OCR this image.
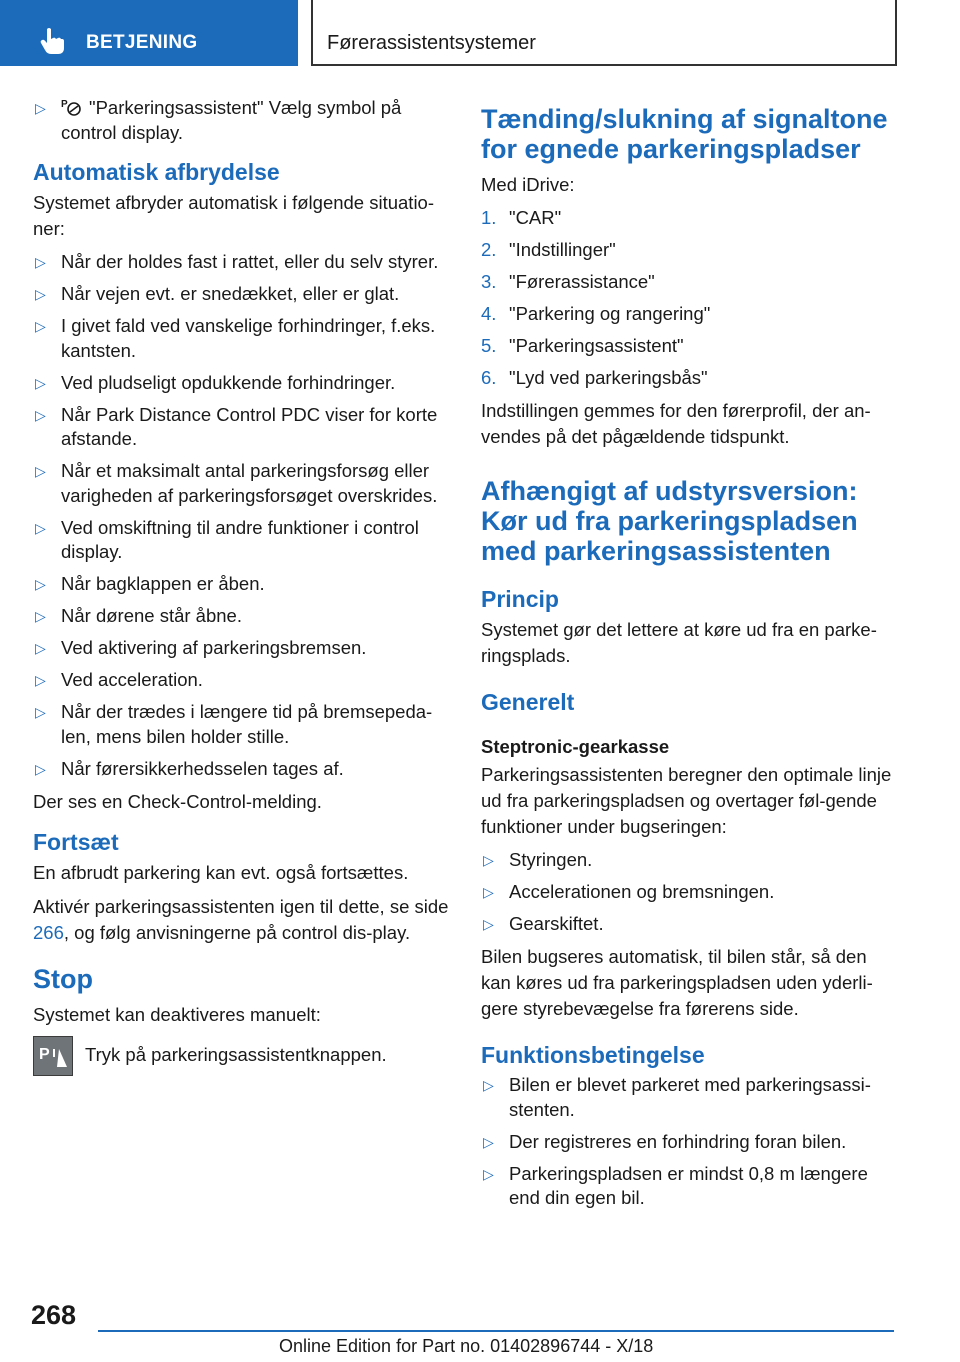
BETJENING	Førerassistentsystemer
▷ P "Parkeringsassistent" Vælg symbol på control display.
Automatisk afbrydelse

Systemet afbryder automatisk i følgende situatio‐ner:

▷ Når der holdes fast i rattet, eller du selv styrer.
▷ Når vejen evt. er snedækket, eller er glat.
▷ I givet fald ved vanskelige forhindringer, f.eks. kantsten.
▷ Ved pludseligt opdukkende forhindringer.
▷ Når Park Distance Control PDC viser for korte afstande.
▷ Når et maksimalt antal parkeringsforsøg eller varigheden af parkeringsforsøget overskrides.
▷ Ved omskiftning til andre funktioner i control display.
▷ Når bagklappen er åben.
▷ Når dørene står åbne.
▷ Ved aktivering af parkeringsbremsen.
▷ Ved acceleration.
▷ Når der trædes i længere tid på bremsepeda‐len, mens bilen holder stille.
▷ Når førersikkerhedsselen tages af.

Der ses en Check-Control-melding.

Fortsæt

En afbrudt parkering kan evt. også fortsættes.

Aktivér parkeringsassistenten igen til dette, se side 266, og følg anvisningerne på control dis‐play.

Stop

Systemet kan deaktiveres manuelt:

P Tryk på parkeringsassistentknappen.

Tænding/slukning af signaltone for egnede parkeringspladser

Med iDrive:

1. "CAR"
2. "Indstillinger"
3. "Førerassistance"
4. "Parkering og rangering"
5. "Parkeringsassistent"
6. "Lyd ved parkeringsbås"

Indstillingen gemmes for den førerprofil, der an‐vendes på det pågældende tidspunkt.

Afhængigt af udstyrsversion: Kør ud fra parkeringspladsen med parkeringsassistenten
Princip

Systemet gør det lettere at køre ud fra en parke‐ringsplads.

Generelt
Steptronic-gearkasse

Parkeringsassistenten beregner den optimale linje ud fra parkeringspladsen og overtager føl‐gende funktioner under bugseringen:

▷ Styringen.
▷ Accelerationen og bremsningen.
▷ Gearskiftet.

Bilen bugseres automatisk, til bilen står, så den kan køres ud fra parkeringspladsen uden yderli‐gere styrebevægelse fra førerens side.

Funktionsbetingelse
▷ Bilen er blevet parkeret med parkeringsassi‐stenten.
▷ Der registreres en forhindring foran bilen.
▷ Parkeringspladsen er mindst 0,8 m længere end din egen bil.
268
Online Edition for Part no. 01402896744 - X/18
